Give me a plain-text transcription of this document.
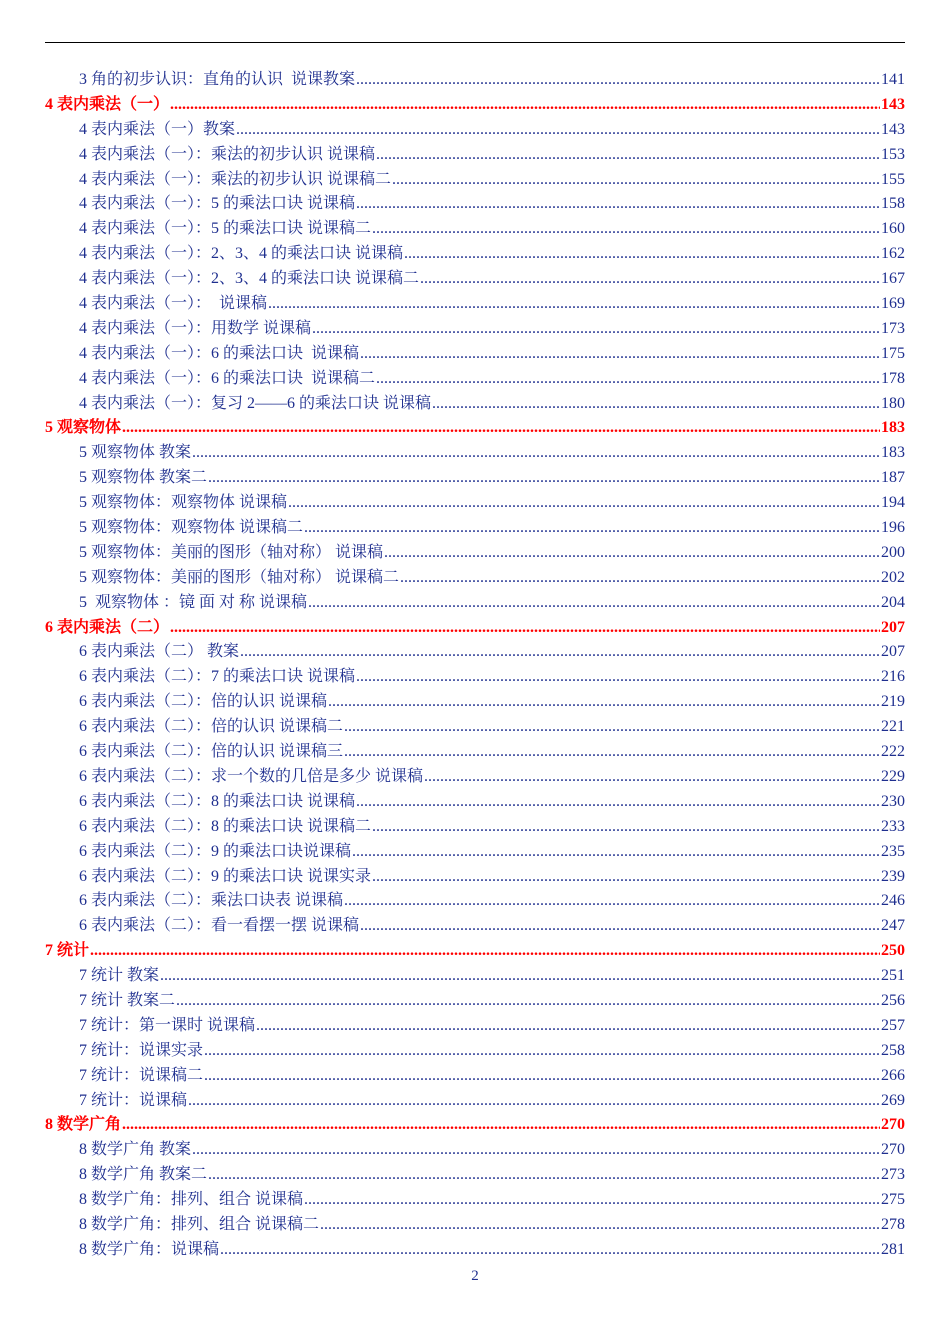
3 角的初步认识：直角的认识  说课教案 .....	141
4 表内乘法（一） .....	143
4 表内乘法（一）教案 .....	143
4 表内乘法（一）：乘法的初步认识 说课稿 .....	153
4 表内乘法（一）：乘法的初步认识 说课稿二 .....	155
4 表内乘法（一）：5 的乘法口诀 说课稿 .....	158
4 表内乘法（一）：5 的乘法口诀 说课稿二 .....	160
4 表内乘法（一）：2、3、4 的乘法口诀 说课稿 .....	162
4 表内乘法（一）：2、3、4 的乘法口诀 说课稿二 .....	167
4 表内乘法（一）：  说课稿 .....	169
4 表内乘法（一）：用数学 说课稿 .....	173
4 表内乘法（一）：6 的乘法口诀  说课稿 .....	175
4 表内乘法（一）：6 的乘法口诀  说课稿二 .....	178
4 表内乘法（一）：复习 2——6 的乘法口诀 说课稿 .....	180
5 观察物体 .....	183
5 观察物体 教案 .....	183
5 观察物体 教案二 .....	187
5 观察物体：观察物体 说课稿 .....	194
5 观察物体：观察物体 说课稿二 .....	196
5 观察物体：美丽的图形（轴对称） 说课稿 .....	200
5 观察物体：美丽的图形（轴对称） 说课稿二 .....	202
5  观察物体 ：镜 面 对 称 说课稿 .....	204
6 表内乘法（二） .....	207
6 表内乘法（二） 教案 .....	207
6 表内乘法（二）：7 的乘法口诀 说课稿 .....	216
6 表内乘法（二）：倍的认识 说课稿 .....	219
6 表内乘法（二）：倍的认识 说课稿二 .....	221
6 表内乘法（二）：倍的认识 说课稿三 .....	222
6 表内乘法（二）：求一个数的几倍是多少 说课稿 .....	229
6 表内乘法（二）：8 的乘法口诀 说课稿 .....	230
6 表内乘法（二）：8 的乘法口诀 说课稿二 .....	233
6 表内乘法（二）：9 的乘法口诀说课稿 .....	235
6 表内乘法（二）：9 的乘法口诀 说课实录 .....	239
6 表内乘法（二）：乘法口诀表 说课稿 .....	246
6 表内乘法（二）：看一看摆一摆 说课稿 .....	247
7 统计 .....	250
7 统计 教案 .....	251
7 统计 教案二 .....	256
7 统计：第一课时 说课稿 .....	257
7 统计：说课实录 .....	258
7 统计：说课稿二 .....	266
7 统计：说课稿 .....	269
8 数学广角 .....	270
8 数学广角 教案 .....	270
8 数学广角 教案二 .....	273
8 数学广角：排列、组合 说课稿 .....	275
8 数学广角：排列、组合 说课稿二 .....	278
8 数学广角：说课稿 .....	281
2
